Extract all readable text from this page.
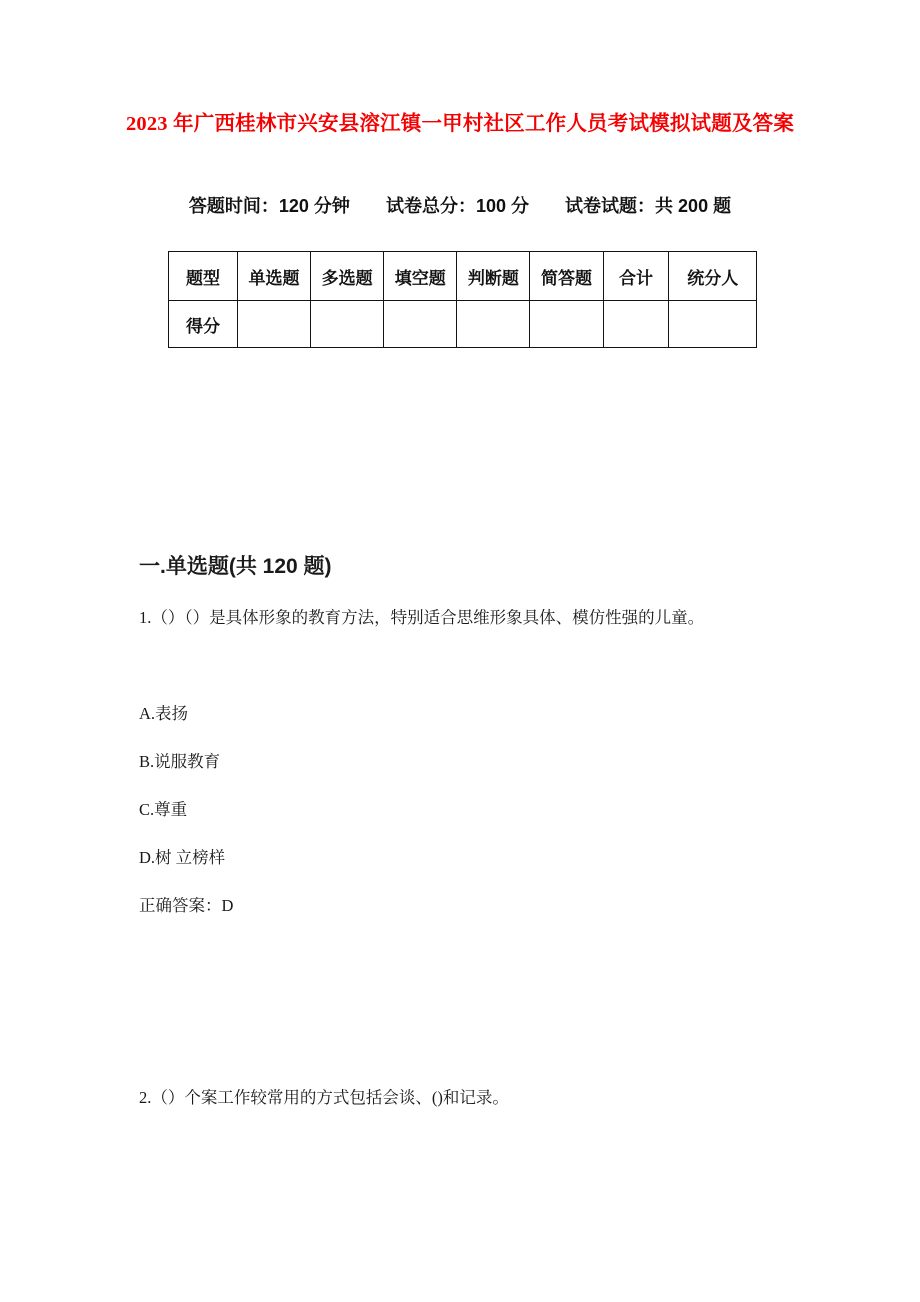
2023 年广西桂林市兴安县溶江镇一甲村社区工作人员考试模拟试题及答案
答题时间：120 分钟 试卷总分：100 分 试卷试题：共 200 题
题型	单选题	多选题	填空题	判断题	简答题	合计	统分人
得分							
一.单选题(共 120 题)
1.（）（）是具体形象的教育方法，特别适合思维形象具体、模仿性强的儿童。
A.表扬
B.说服教育
C.尊重
D.树 立榜样
正确答案：D
2.（）个案工作较常用的方式包括会谈、()和记录。
